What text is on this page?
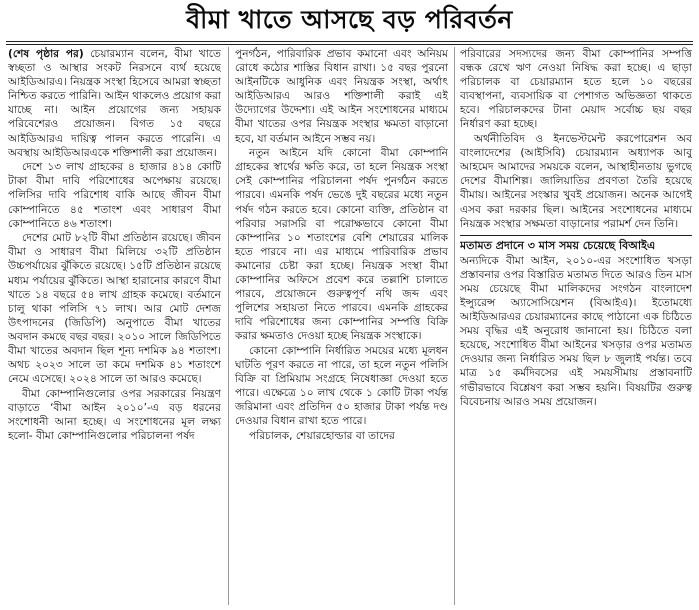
বীমা খাতে আসছে বড় পরিবর্তন

(শেষ পৃষ্ঠার পর) চেয়ারম্যান বলেন, বীমা খাতে স্বচ্ছতা ও আস্থার সংকট নিরসনে ব্যর্থ হয়েছে আইডিআরএ। নিয়ন্ত্রক সংস্থা হিসেবে আমরা স্বচ্ছতা নিশ্চিত করতে পারিনি। আইন থাকলেও প্রয়োগ করা যাচ্ছে না। আইন প্রয়োগের জন্য সহায়ক পরিবেশেরও প্রয়োজন। বিগত ১৫ বছরে আইডিআরএ দায়িত্ব পালন করতে পারেনি। এ অবস্থায় আইডিআরএকে শক্তিশালী করা প্রয়োজন।

দেশে ১৩ লাখ গ্রাহকের ৪ হাজার ৪১৪ কোটি টাকা বীমা দাবি পরিশোধের অপেক্ষায় রয়েছে। পলিসির দাবি পরিশোধ বাকি আছে জীবন বীমা কোম্পানিতে ৪৫ শতাংশ এবং সাধারণ বীমা কোম্পানিতে ৪৬ শতাংশ।

দেশের মোট ৮২টি বীমা প্রতিষ্ঠান রয়েছে। জীবন বীমা ও সাধারণ বীমা মিলিয়ে ৩২টি প্রতিষ্ঠান উচ্চপর্যায়ের ঝুঁকিতে রয়েছে। ১৫টি প্রতিষ্ঠান রয়েছে মধ্যম পর্যায়ের ঝুঁকিতে। আস্থা হারানোর কারণে বীমা খাতে ১৪ বছরে ৫৪ লাখ গ্রাহক কমেছে। বর্তমানে চালু থাকা পলিসি ৭১ লাখ। আর মোট দেশজ উৎপাদনের (জিডিপি) অনুপাতে বীমা খাতের অবদান কমছে বছর বছর। ২০১০ সালে জিডিপিতে বীমা খাতের অবদান ছিল শূন্য দশমিক ৯৪ শতাংশ। অথচ ২০২৩ সালে তা কমে দশমিক ৪১ শতাংশে নেমে এসেছে। ২০২৪ সালে তা আরও কমেছে।

বীমা কোম্পানিগুলোর ওপর সরকারের নিয়ন্ত্রণ বাড়াতে ‘বীমা আইন ২০১০’-এ বড় ধরনের সংশোধনী আনা হচ্ছে। এ সংশোধনের মূল লক্ষ্য হলো- বীমা কোম্পানিগুলোর পরিচালনা পর্ষদ

পুনর্গঠন, পারিবারিক প্রভাব কমানো এবং অনিয়ম রোধে কঠোর শাস্তির বিধান রাখা। ১৫ বছর পুরনো আইনটিকে আধুনিক এবং নিয়ন্ত্রক সংস্থা, অর্থাৎ আইডিআরএ আরও শক্তিশালী করাই এই উদ্যোগের উদ্দেশ্য। এই আইন সংশোধনের মাধ্যমে বীমা খাতের ওপর নিয়ন্ত্রক সংস্থার ক্ষমতা বাড়ানো হবে, যা বর্তমান আইনে সম্ভব নয়।

নতুন আইনে যদি কোনো বীমা কোম্পানি গ্রাহকের স্বার্থের ক্ষতি করে, তা হলে নিয়ন্ত্রক সংস্থা সেই কোম্পানির পরিচালনা পর্ষদ পুনর্গঠন করতে পারবে। এমনকি পর্ষদ ভেঙে দুই বছরের মধ্যে নতুন পর্ষদ গঠন করতে হবে। কোনো ব্যক্তি, প্রতিষ্ঠান বা পরিবার সরাসরি বা পরোক্ষভাবে কোনো বীমা কোম্পানির ১০ শতাংশের বেশি শেয়ারের মালিক হতে পারবে না। এর মাধ্যমে পারিবারিক প্রভাব কমানোর চেষ্টা করা হচ্ছে। নিয়ন্ত্রক সংস্থা বীমা কোম্পানির অফিসে প্রবেশ করে তল্লাশি চালাতে পারবে, প্রয়োজনে গুরুত্বপূর্ণ নথি জব্দ এবং পুলিশের সহায়তা নিতে পারবে। এমনকি গ্রাহকের দাবি পরিশোধের জন্য কোম্পানির সম্পত্তি বিক্রি করার ক্ষমতাও দেওয়া হচ্ছে নিয়ন্ত্রক সংস্থাকে।

কোনো কোম্পানি নির্ধারিত সময়ের মধ্যে মূলধন ঘাটতি পূরণ করতে না পারে, তা হলে নতুন পলিসি বিক্রি বা প্রিমিয়াম সংগ্রহে নিষেধাজ্ঞা দেওয়া হতে পারে। এক্ষেত্রে ১০ লাখ থেকে ১ কোটি টাকা পর্যন্ত জরিমানা এবং প্রতিদিন ৫০ হাজার টাকা পর্যন্ত দণ্ড দেওয়ার বিধান রাখা হতে পারে।

পরিচালক, শেয়ারহোল্ডার বা তাদের

পরিবারের সদস্যদের জন্য বীমা কোম্পানির সম্পত্তি বন্ধক রেখে ঋণ নেওয়া নিষিদ্ধ করা হচ্ছে। এ ছাড়া পরিচালক বা চেয়ারম্যান হতে হলে ১০ বছরের ব্যবস্থাপনা, ব্যবসায়িক বা পেশাগত অভিজ্ঞতা থাকতে হবে। পরিচালকদের টানা মেয়াদ সর্বোচ্চ ছয় বছর নির্ধারণ করা হচ্ছে।

অর্থনীতিবিদ ও ইনভেস্টমেন্ট করপোরেশন অব বাংলাদেশের (আইসিবি) চেয়ারম্যান অধ্যাপক আবু আহমেদ আমাদের সময়কে বলেন, আস্থাহীনতায় ভুগছে দেশের বীমাশিল্প। জালিয়াতির প্রবণতা তৈরি হয়েছে বীমায়। আইনের সংস্কার খুবই প্রয়োজন। অনেক আগেই এসব করা দরকার ছিল। আইনের সংশোধনের মাধ্যমে নিয়ন্ত্রক সংস্থার সক্ষমতা বাড়ানোর পরামর্শ দেন তিনি।

মতামত প্রদানে ৩ মাস সময় চেয়েছে বিআইএ

অন্যদিকে বীমা আইন, ২০১০-এর সংশোধিত খসড়া প্রস্তাবনার ওপর বিস্তারিত মতামত দিতে আরও তিন মাস সময় চেয়েছে বীমা মালিকদের সংগঠন বাংলাদেশ ইন্স্যুরেন্স অ্যাসোসিয়েশন (বিআইএ)। ইতোমধ্যে আইডিআরএর চেয়ারম্যানের কাছে পাঠানো এক চিঠিতে সময় বৃদ্ধির এই অনুরোধ জানানো হয়। চিঠিতে বলা হয়েছে, সংশোধিত বীমা আইনের খসড়ার ওপর মতামত দেওয়ার জন্য নির্ধারিত সময় ছিল ৮ জুলাই পর্যন্ত। তবে মাত্র ১৫ কর্মদিবসের এই সময়সীমায় প্রস্তাবনাটি গভীরভাবে বিশ্লেষণ করা সম্ভব হয়নি। বিষয়টির গুরুত্ব বিবেচনায় আরও সময় প্রয়োজন।
